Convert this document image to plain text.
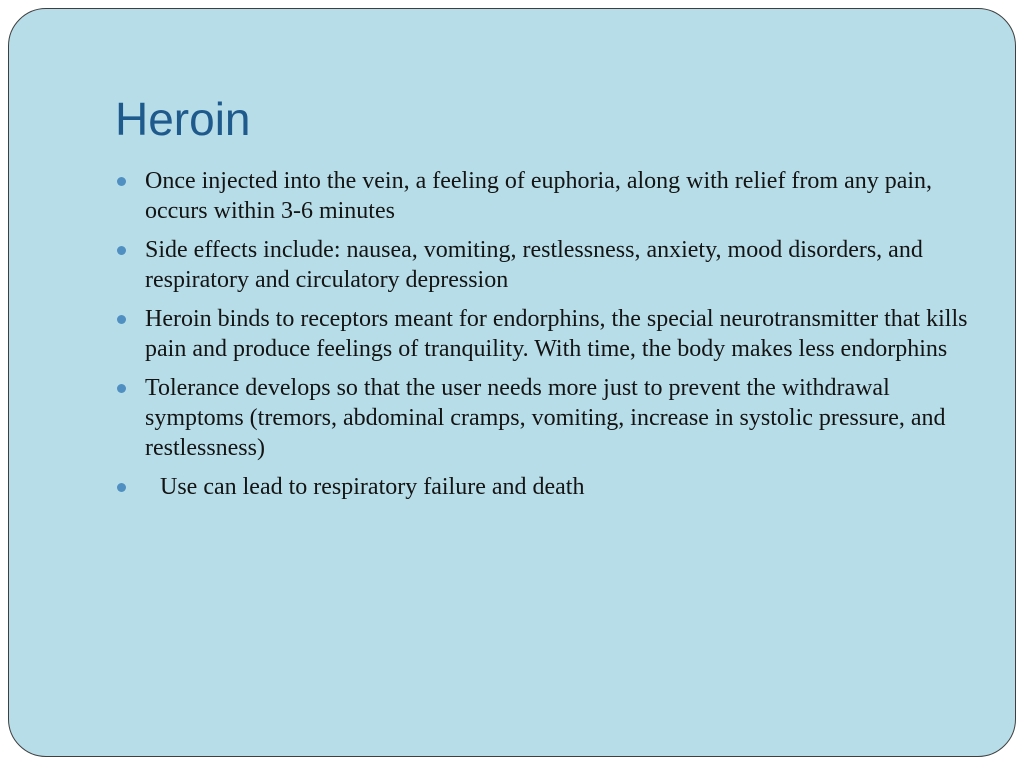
Heroin
Once injected into the vein, a feeling of euphoria, along with relief from any pain, occurs within 3-6 minutes
Side effects include: nausea, vomiting, restlessness, anxiety, mood disorders, and respiratory and circulatory depression
Heroin binds to receptors meant for endorphins, the special neurotransmitter that kills pain and produce feelings of tranquility. With time, the body makes less endorphins
Tolerance develops so that the user needs more just to prevent the withdrawal symptoms (tremors, abdominal cramps, vomiting, increase in systolic pressure, and restlessness)
Use can lead to respiratory failure and death
